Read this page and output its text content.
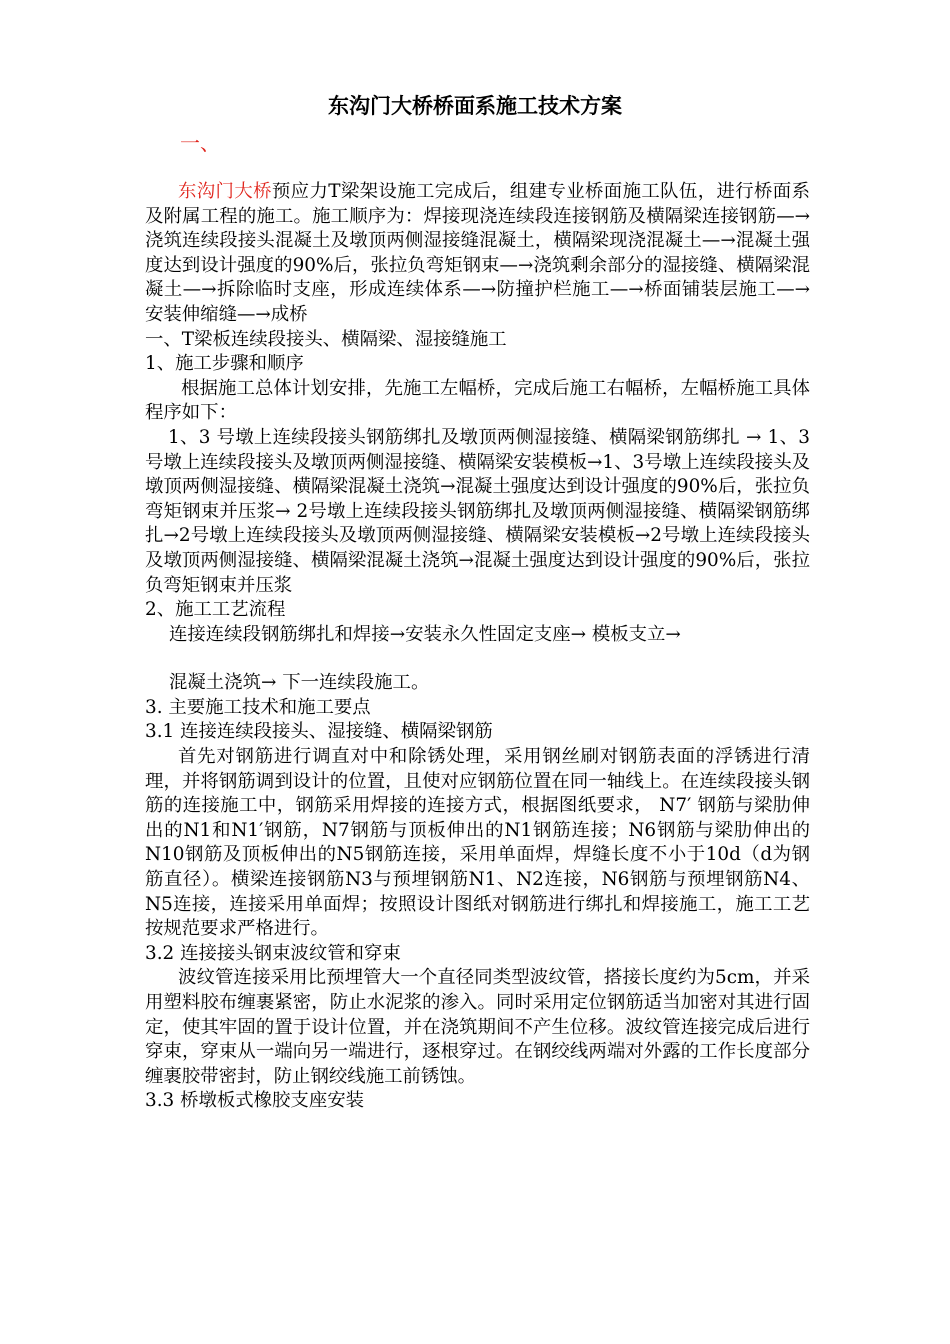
东沟门大桥桥面系施工技术方案
一、

东沟门大桥预应力T梁架设施工完成后，组建专业桥面施工队伍，进行桥面系及附属工程的施工。施工顺序为：焊接现浇连续段连接钢筋及横隔梁连接钢筋—→浇筑连续段接头混凝土及墩顶两侧湿接缝混凝土，横隔梁现浇混凝土—→混凝土强度达到设计强度的90%后，张拉负弯矩钢束—→浇筑剩余部分的湿接缝、横隔梁混凝土—→拆除临时支座，形成连续体系—→防撞护栏施工—→桥面铺装层施工—→安装伸缩缝—→成桥

一、T梁板连续段接头、横隔梁、湿接缝施工

1、施工步骤和顺序

根据施工总体计划安排，先施工左幅桥，完成后施工右幅桥，左幅桥施工具体程序如下：

1、3 号墩上连续段接头钢筋绑扎及墩顶两侧湿接缝、横隔梁钢筋绑扎 → 1、3 号墩上连续段接头及墩顶两侧湿接缝、横隔梁安装模板→1、3号墩上连续段接头及墩顶两侧湿接缝、横隔梁混凝土浇筑→混凝土强度达到设计强度的90%后，张拉负弯矩钢束并压浆→ 2号墩上连续段接头钢筋绑扎及墩顶两侧湿接缝、横隔梁钢筋绑扎→2号墩上连续段接头及墩顶两侧湿接缝、横隔梁安装模板→2号墩上连续段接头及墩顶两侧湿接缝、横隔梁混凝土浇筑→混凝土强度达到设计强度的90%后，张拉负弯矩钢束并压浆

2、施工工艺流程

连接连续段钢筋绑扎和焊接→安装永久性固定支座→ 模板支立→

混凝土浇筑→ 下一连续段施工。

3. 主要施工技术和施工要点

3.1 连接连续段接头、湿接缝、横隔梁钢筋

首先对钢筋进行调直对中和除锈处理，采用钢丝刷对钢筋表面的浮锈进行清理，并将钢筋调到设计的位置，且使对应钢筋位置在同一轴线上。在连续段接头钢筋的连接施工中，钢筋采用焊接的连接方式，根据图纸要求， N7′ 钢筋与梁肋伸出的N1和N1′钢筋，N7钢筋与顶板伸出的N1钢筋连接；N6钢筋与梁肋伸出的N10钢筋及顶板伸出的N5钢筋连接，采用单面焊，焊缝长度不小于10d（d为钢筋直径）。横梁连接钢筋N3与预埋钢筋N1、N2连接，N6钢筋与预埋钢筋N4、N5连接，连接采用单面焊；按照设计图纸对钢筋进行绑扎和焊接施工，施工工艺按规范要求严格进行。

3.2 连接接头钢束波纹管和穿束

波纹管连接采用比预埋管大一个直径同类型波纹管，搭接长度约为5cm，并采用塑料胶布缠裹紧密，防止水泥浆的渗入。同时采用定位钢筋适当加密对其进行固定，使其牢固的置于设计位置，并在浇筑期间不产生位移。波纹管连接完成后进行穿束，穿束从一端向另一端进行，逐根穿过。在钢绞线两端对外露的工作长度部分缠裹胶带密封，防止钢绞线施工前锈蚀。

3.3 桥墩板式橡胶支座安装
